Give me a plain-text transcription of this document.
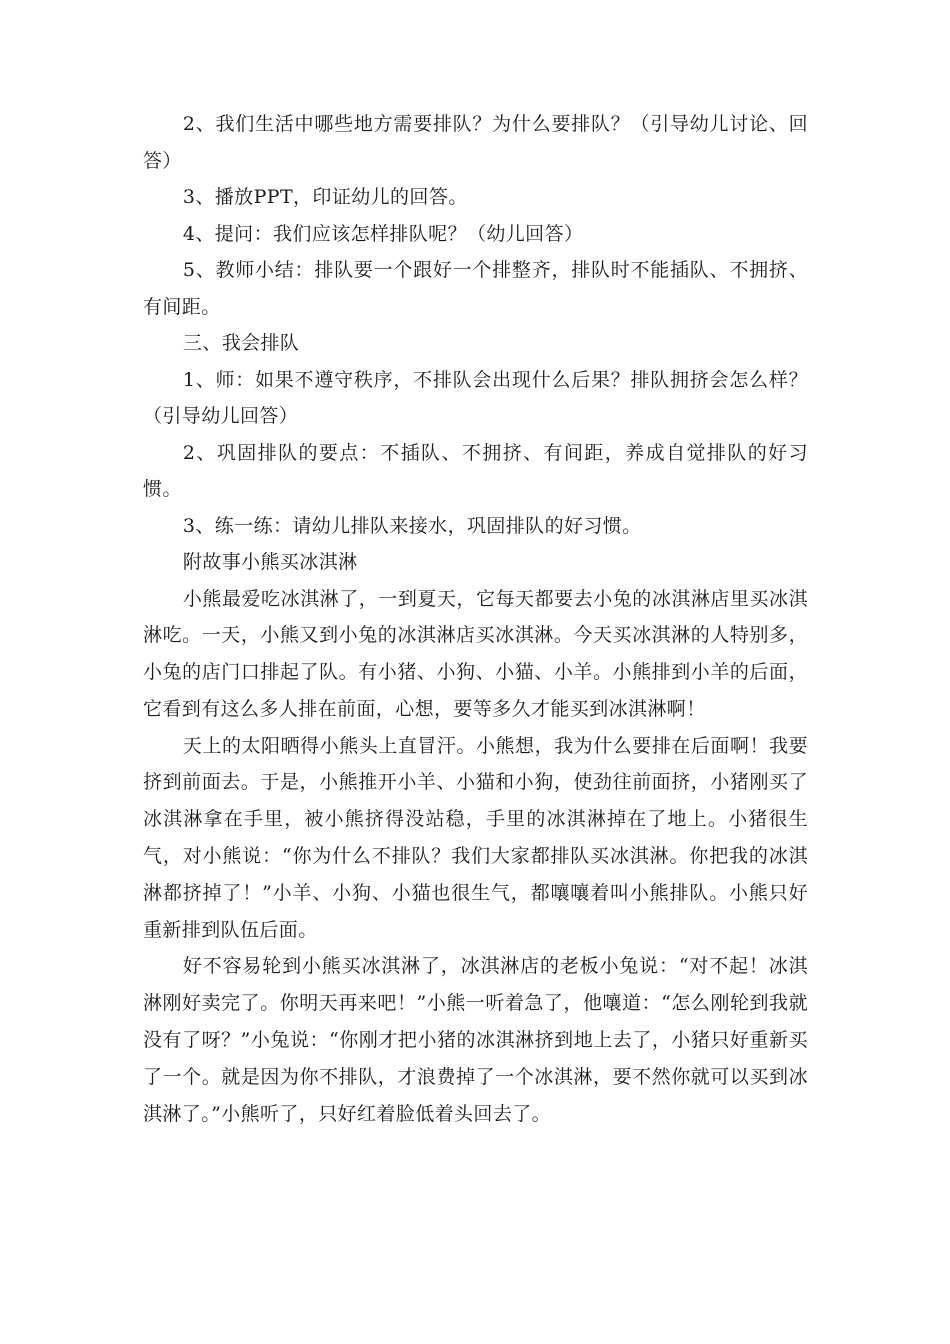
2、我们生活中哪些地方需要排队？为什么要排队？（引导幼儿讨论、回答）

3、播放PPT，印证幼儿的回答。

4、提问：我们应该怎样排队呢？（幼儿回答）

5、教师小结：排队要一个跟好一个排整齐，排队时不能插队、不拥挤、有间距。

三、我会排队

1、师：如果不遵守秩序，不排队会出现什么后果？排队拥挤会怎么样？（引导幼儿回答）

2、巩固排队的要点：不插队、不拥挤、有间距，养成自觉排队的好习惯。

3、练一练：请幼儿排队来接水，巩固排队的好习惯。

附故事小熊买冰淇淋

小熊最爱吃冰淇淋了，一到夏天，它每天都要去小兔的冰淇淋店里买冰淇淋吃。一天，小熊又到小兔的冰淇淋店买冰淇淋。今天买冰淇淋的人特别多，小兔的店门口排起了队。有小猪、小狗、小猫、小羊。小熊排到小羊的后面，它看到有这么多人排在前面，心想，要等多久才能买到冰淇淋啊！

天上的太阳晒得小熊头上直冒汗。小熊想，我为什么要排在后面啊！我要挤到前面去。于是，小熊推开小羊、小猫和小狗，使劲往前面挤，小猪刚买了冰淇淋拿在手里，被小熊挤得没站稳，手里的冰淇淋掉在了地上。小猪很生气，对小熊说：“你为什么不排队？我们大家都排队买冰淇淋。你把我的冰淇淋都挤掉了！”小羊、小狗、小猫也很生气，都嚷嚷着叫小熊排队。小熊只好重新排到队伍后面。

好不容易轮到小熊买冰淇淋了，冰淇淋店的老板小兔说：“对不起！冰淇淋刚好卖完了。你明天再来吧！”小熊一听着急了，他嚷道：“怎么刚轮到我就没有了呀？”小兔说：“你刚才把小猪的冰淇淋挤到地上去了，小猪只好重新买了一个。就是因为你不排队，才浪费掉了一个冰淇淋，要不然你就可以买到冰淇淋了。”小熊听了，只好红着脸低着头回去了。
